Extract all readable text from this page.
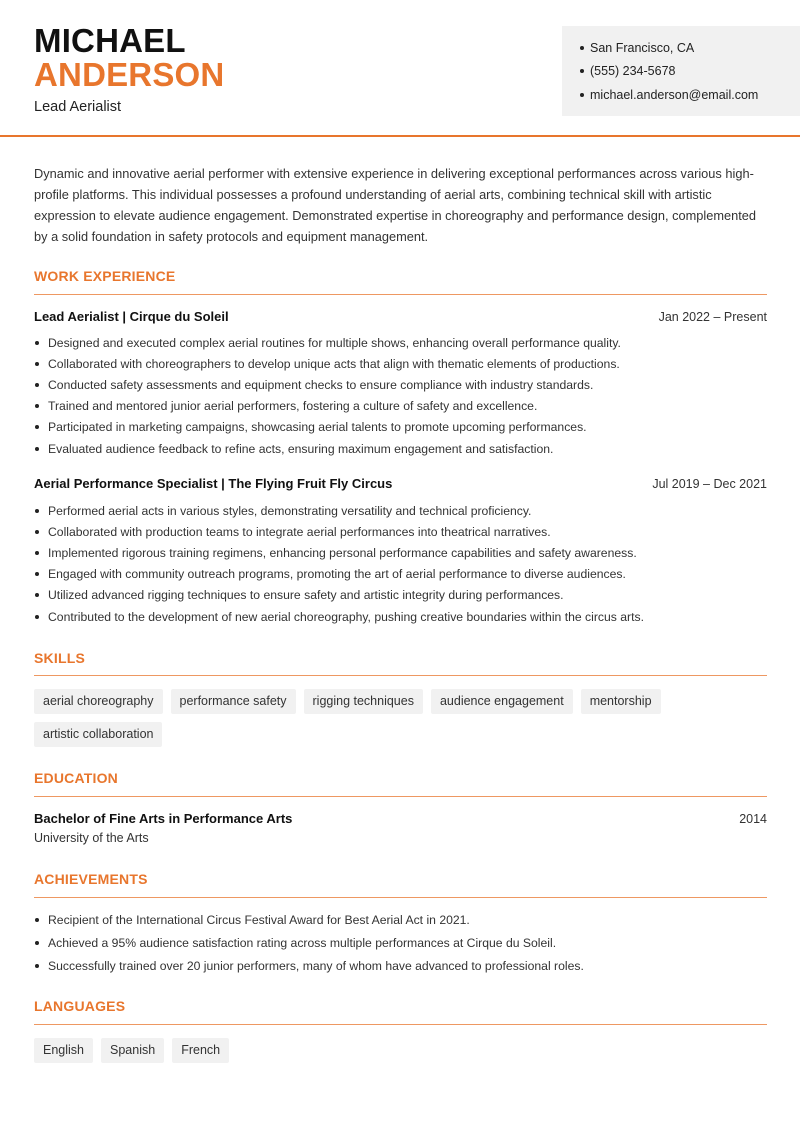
MICHAEL
ANDERSON
Lead Aerialist
San Francisco, CA
(555) 234-5678
michael.anderson@email.com

Dynamic and innovative aerial performer with extensive experience in delivering exceptional performances across various high-profile platforms. This individual possesses a profound understanding of aerial arts, combining technical skill with artistic expression to elevate audience engagement. Demonstrated expertise in choreography and performance design, complemented by a solid foundation in safety protocols and equipment management.

WORK EXPERIENCE
Lead Aerialist | Cirque du Soleil	Jan 2022 – Present
Designed and executed complex aerial routines for multiple shows, enhancing overall performance quality.
Collaborated with choreographers to develop unique acts that align with thematic elements of productions.
Conducted safety assessments and equipment checks to ensure compliance with industry standards.
Trained and mentored junior aerial performers, fostering a culture of safety and excellence.
Participated in marketing campaigns, showcasing aerial talents to promote upcoming performances.
Evaluated audience feedback to refine acts, ensuring maximum engagement and satisfaction.
Aerial Performance Specialist | The Flying Fruit Fly Circus	Jul 2019 – Dec 2021
Performed aerial acts in various styles, demonstrating versatility and technical proficiency.
Collaborated with production teams to integrate aerial performances into theatrical narratives.
Implemented rigorous training regimens, enhancing personal performance capabilities and safety awareness.
Engaged with community outreach programs, promoting the art of aerial performance to diverse audiences.
Utilized advanced rigging techniques to ensure safety and artistic integrity during performances.
Contributed to the development of new aerial choreography, pushing creative boundaries within the circus arts.
SKILLS
aerial choreography	performance safety	rigging techniques	audience engagement	mentorship
artistic collaboration
EDUCATION
Bachelor of Fine Arts in Performance Arts	2014
University of the Arts
ACHIEVEMENTS
Recipient of the International Circus Festival Award for Best Aerial Act in 2021.
Achieved a 95% audience satisfaction rating across multiple performances at Cirque du Soleil.
Successfully trained over 20 junior performers, many of whom have advanced to professional roles.
LANGUAGES
English	Spanish	French
